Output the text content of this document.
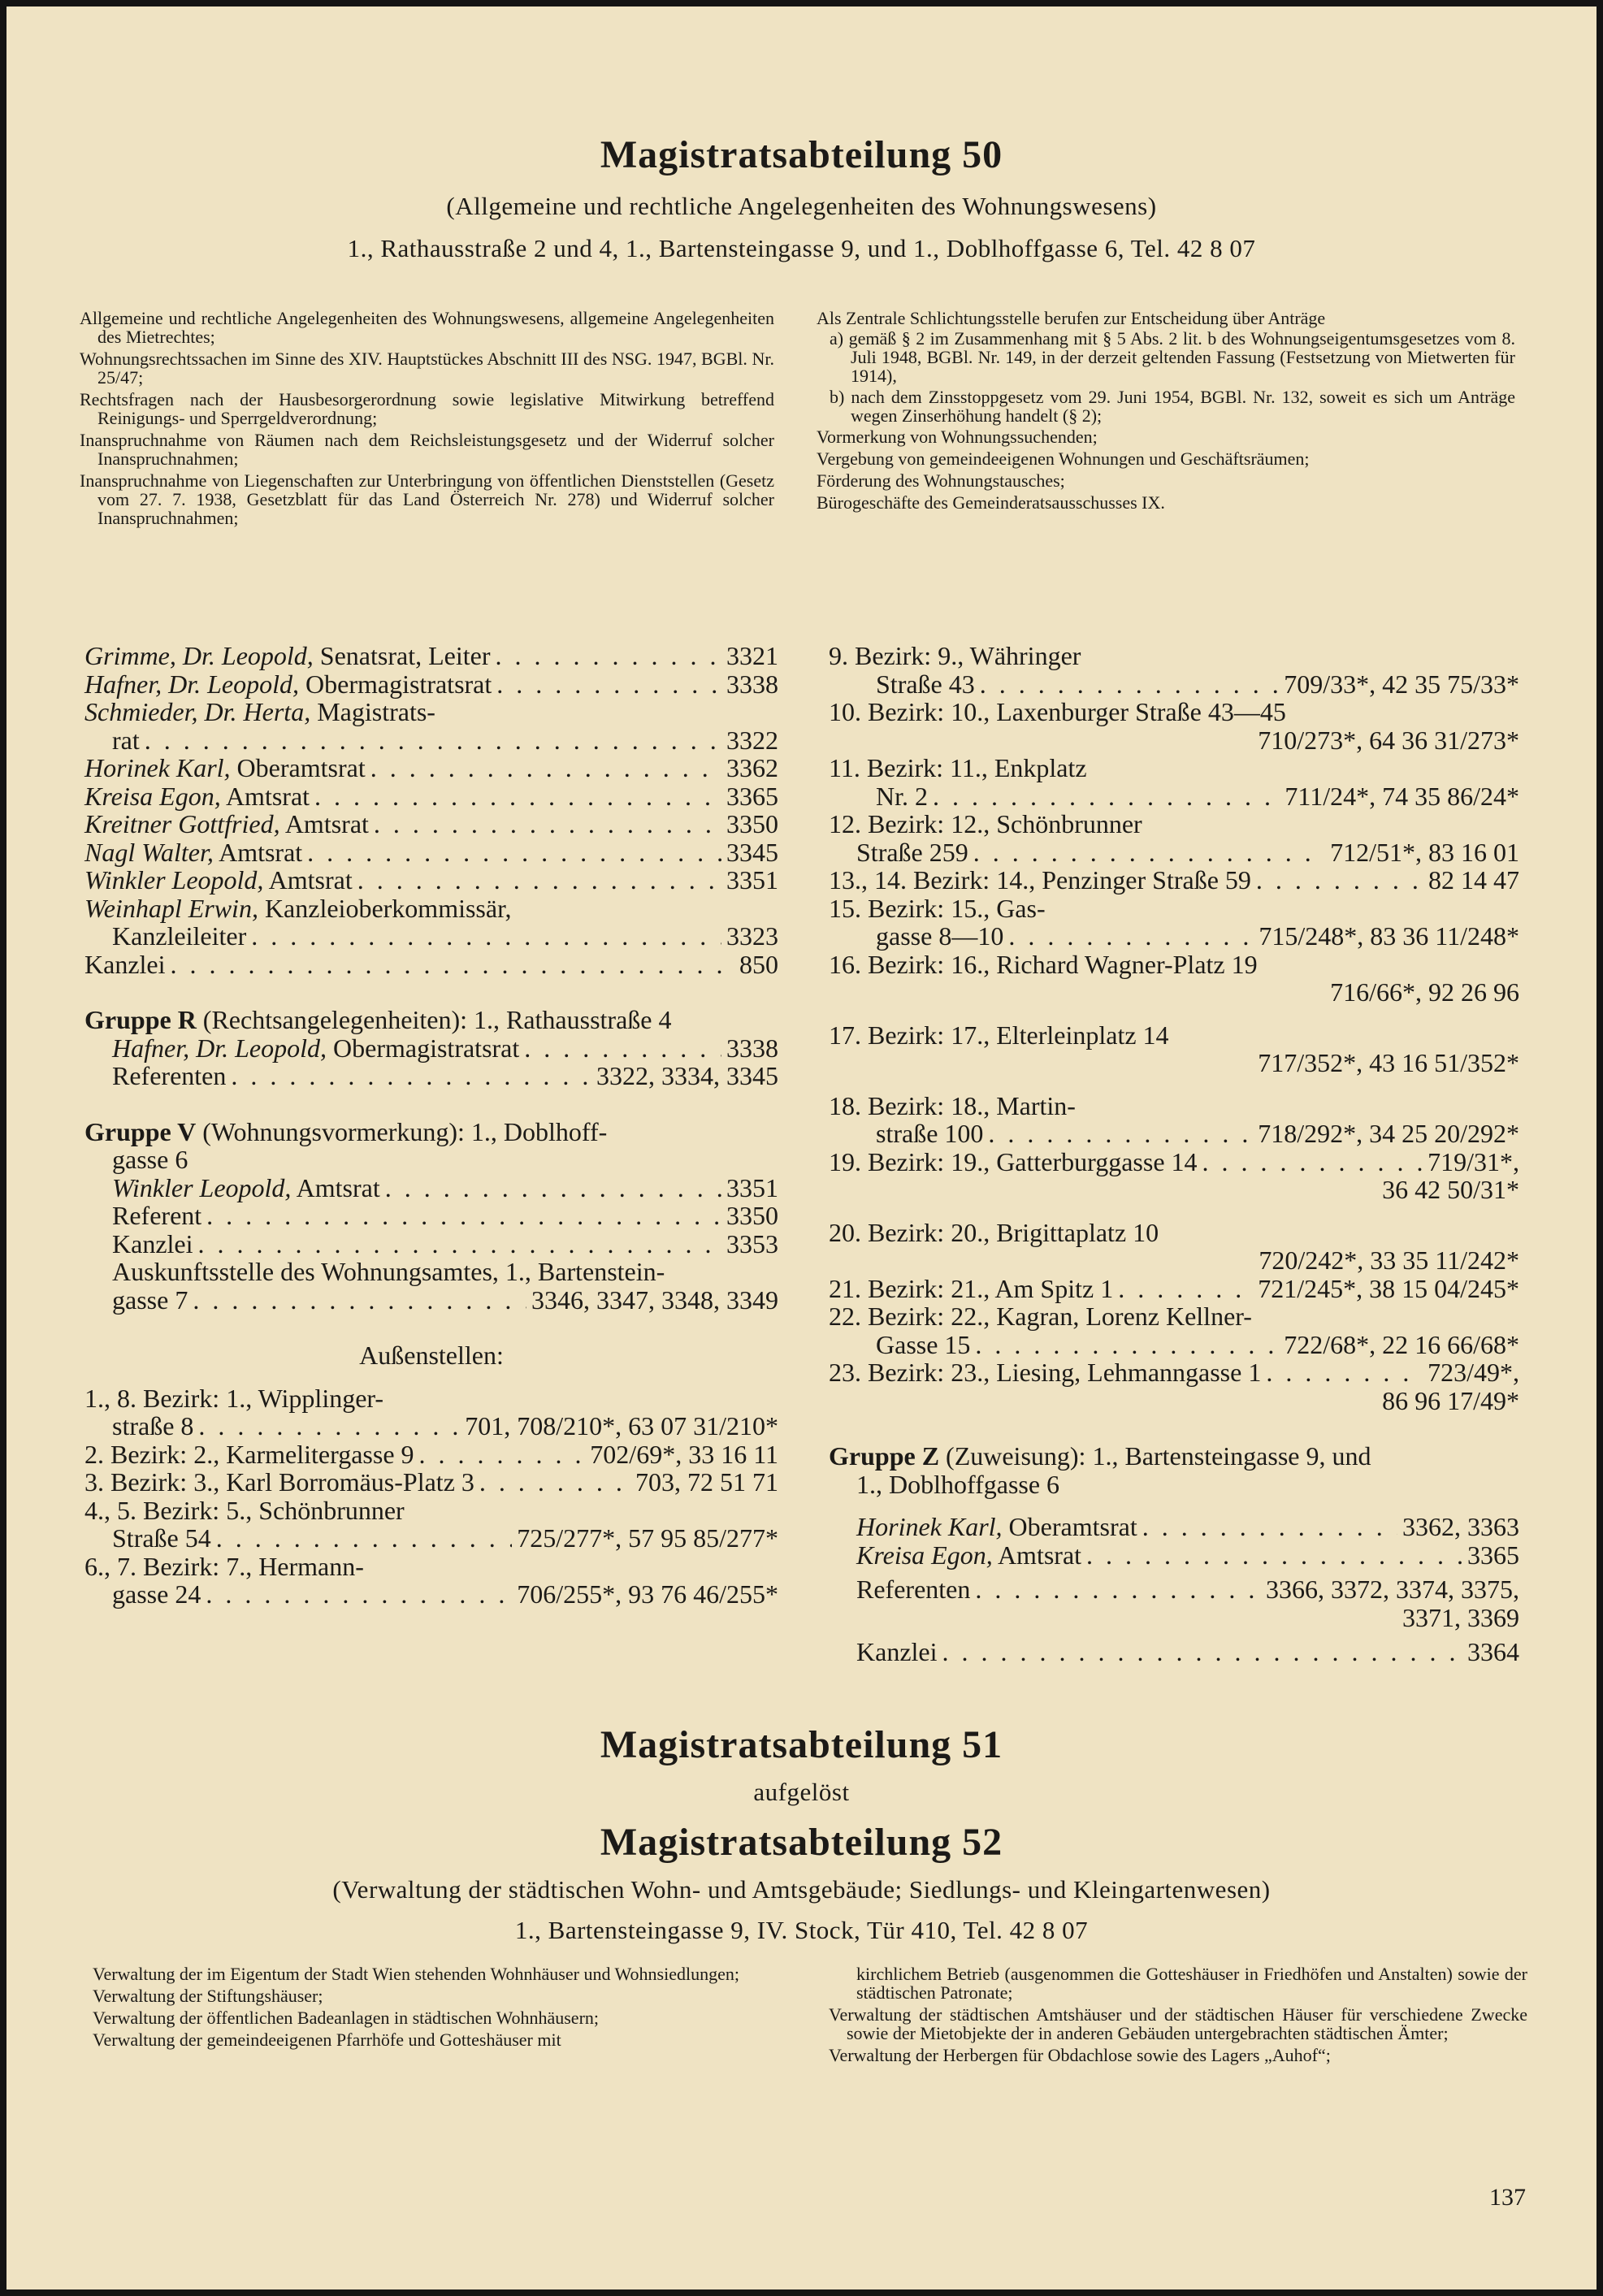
Magistratsabteilung 50
(Allgemeine und rechtliche Angelegenheiten des Wohnungswesens)
1., Rathausstraße 2 und 4, 1., Bartensteingasse 9, und 1., Doblhoffgasse 6, Tel. 42 8 07

Allgemeine und rechtliche Angelegenheiten des Wohnungswesens, allgemeine Angelegenheiten des Mietrechtes;

Wohnungsrechtssachen im Sinne des XIV. Hauptstückes Abschnitt III des NSG. 1947, BGBl. Nr. 25/47;

Rechtsfragen nach der Hausbesorgerordnung sowie legislative Mitwirkung betreffend Reinigungs- und Sperrgeldverordnung;

Inanspruchnahme von Räumen nach dem Reichsleistungsgesetz und der Widerruf solcher Inanspruchnahmen;

Inanspruchnahme von Liegenschaften zur Unterbringung von öffentlichen Dienststellen (Gesetz vom 27. 7. 1938, Gesetzblatt für das Land Österreich Nr. 278) und Widerruf solcher Inanspruchnahmen;

Als Zentrale Schlichtungsstelle berufen zur Entscheidung über Anträge

a) gemäß § 2 im Zusammenhang mit § 5 Abs. 2 lit. b des Wohnungseigentumsgesetzes vom 8. Juli 1948, BGBl. Nr. 149, in der derzeit geltenden Fassung (Festsetzung von Mietwerten für 1914),

b) nach dem Zinsstoppgesetz vom 29. Juni 1954, BGBl. Nr. 132, soweit es sich um Anträge wegen Zinserhöhung handelt (§ 2);

Vormerkung von Wohnungssuchenden;

Vergebung von gemeindeeigenen Wohnungen und Geschäftsräumen;

Förderung des Wohnungstausches;

Bürogeschäfte des Gemeinderatsausschusses IX.

Grimme, Dr. Leopold, Senatsrat, Leiter . . .	3321
Hafner, Dr. Leopold, Obermagistratsrat . . .	3338
Schmieder, Dr. Herta, Magistrats-
rat . . .	3322
Horinek Karl, Oberamtsrat . . .	3362
Kreisa Egon, Amtsrat . . .	3365
Kreitner Gottfried, Amtsrat . . .	3350
Nagl Walter, Amtsrat . . .	3345
Winkler Leopold, Amtsrat . . .	3351
Weinhapl Erwin, Kanzleioberkommissär,
Kanzleileiter . . .	3323
Kanzlei . . .	850
Gruppe R (Rechtsangelegenheiten): 1., Rathausstraße 4
Hafner, Dr. Leopold, Obermagistratsrat . . .	3338
Referenten . . .	3322, 3334, 3345
Gruppe V (Wohnungsvormerkung): 1., Doblhoff-
gasse 6
Winkler Leopold, Amtsrat . . .	3351
Referent . . .	3350
Kanzlei . . .	3353
Auskunftsstelle des Wohnungsamtes, 1., Bartenstein-
gasse 7 . . .	3346, 3347, 3348, 3349
Außenstellen:
1., 8. Bezirk: 1., Wipplinger-
straße 8 . . .	701, 708/210*, 63 07 31/210*
2. Bezirk: 2., Karmelitergasse 9 . . .	702/69*, 33 16 11
3. Bezirk: 3., Karl Borromäus-Platz 3 . . .	703, 72 51 71
4., 5. Bezirk: 5., Schönbrunner
Straße 54 . . .	725/277*, 57 95 85/277*
6., 7. Bezirk: 7., Hermann-
gasse 24 . . .	706/255*, 93 76 46/255*
9. Bezirk: 9., Währinger
Straße 43 . . .	709/33*, 42 35 75/33*
10. Bezirk: 10., Laxenburger Straße 43—45
710/273*, 64 36 31/273*
11. Bezirk: 11., Enkplatz
Nr. 2 . . .	711/24*, 74 35 86/24*
12. Bezirk: 12., Schönbrunner
Straße 259 . . .	712/51*, 83 16 01
13., 14. Bezirk: 14., Penzinger Straße 59 . . .	82 14 47
15. Bezirk: 15., Gas-
gasse 8—10 . . .	715/248*, 83 36 11/248*
16. Bezirk: 16., Richard Wagner-Platz 19
716/66*, 92 26 96
17. Bezirk: 17., Elterleinplatz 14
717/352*, 43 16 51/352*
18. Bezirk: 18., Martin-
straße 100 . . .	718/292*, 34 25 20/292*
19. Bezirk: 19., Gatterburggasse 14 . . .	719/31*,
36 42 50/31*
20. Bezirk: 20., Brigittaplatz 10
720/242*, 33 35 11/242*
21. Bezirk: 21., Am Spitz 1 . . .	721/245*, 38 15 04/245*
22. Bezirk: 22., Kagran, Lorenz Kellner-
Gasse 15 . . .	722/68*, 22 16 66/68*
23. Bezirk: 23., Liesing, Lehmanngasse 1 . . .	723/49*,
86 96 17/49*
Gruppe Z (Zuweisung): 1., Bartensteingasse 9, und
1., Doblhoffgasse 6
Horinek Karl, Oberamtsrat . . .	3362, 3363
Kreisa Egon, Amtsrat . . .	3365
Referenten . . .	3366, 3372, 3374, 3375,
3371, 3369
Kanzlei . . .	3364
Magistratsabteilung 51
aufgelöst
Magistratsabteilung 52
(Verwaltung der städtischen Wohn- und Amtsgebäude; Siedlungs- und Kleingartenwesen)
1., Bartensteingasse 9, IV. Stock, Tür 410, Tel. 42 8 07

Verwaltung der im Eigentum der Stadt Wien stehenden Wohnhäuser und Wohnsiedlungen;

Verwaltung der Stiftungshäuser;

Verwaltung der öffentlichen Badeanlagen in städtischen Wohnhäusern;

Verwaltung der gemeindeeigenen Pfarrhöfe und Gotteshäuser mit

kirchlichem Betrieb (ausgenommen die Gotteshäuser in Friedhöfen und Anstalten) sowie der städtischen Patronate;

Verwaltung der städtischen Amtshäuser und der städtischen Häuser für verschiedene Zwecke sowie der Mietobjekte der in anderen Gebäuden untergebrachten städtischen Ämter;

Verwaltung der Herbergen für Obdachlose sowie des Lagers „Auhof“;

137
